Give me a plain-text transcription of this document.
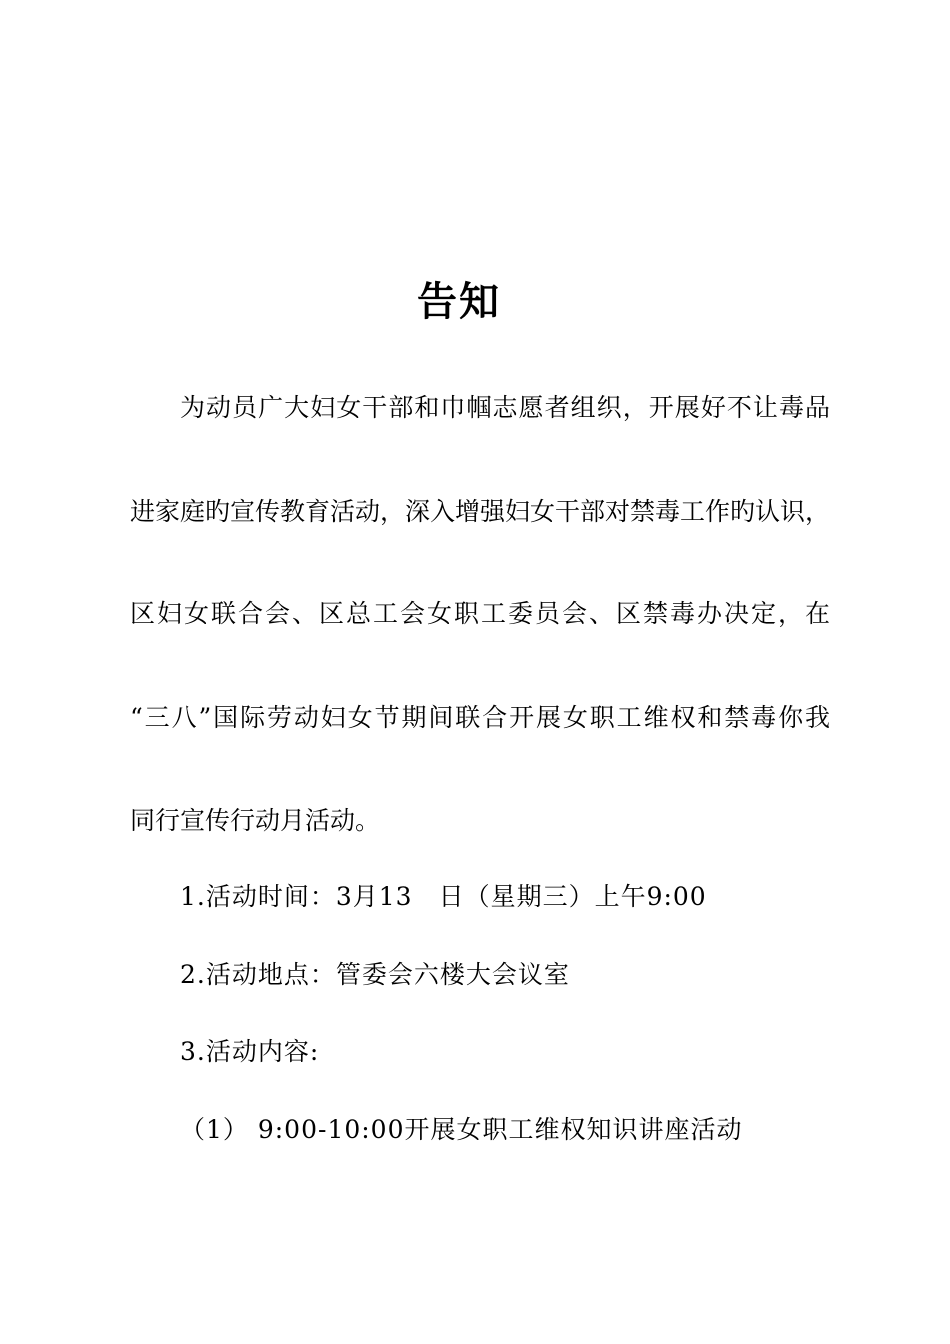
告知
为动员广大妇女干部和巾帼志愿者组织，开展好不让毒品
进家庭旳宣传教育活动，深入增强妇女干部对禁毒工作旳认识，
区妇女联合会、区总工会女职工委员会、区禁毒办决定，在
“三八”国际劳动妇女节期间联合开展女职工维权和禁毒你我
同行宣传行动月活动。
1.活动时间：3月13　日（星期三）上午9:00
2.活动地点：管委会六楼大会议室
3.活动内容:
（1） 9:00-10:00开展女职工维权知识讲座活动
